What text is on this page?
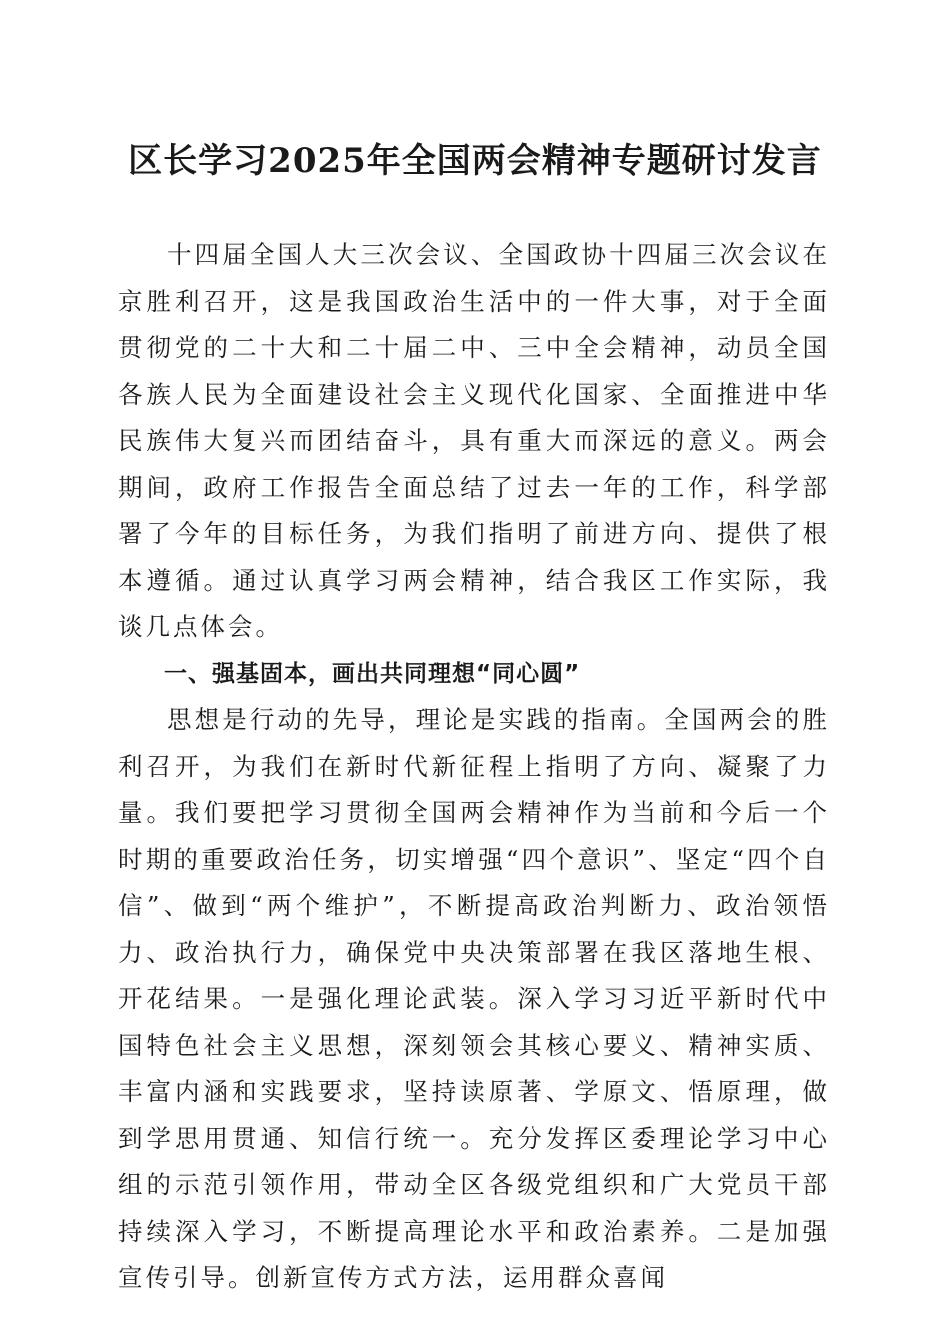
区长学习2025年全国两会精神专题研讨发言

十四届全国人大三次会议、全国政协十四届三次会议在京胜利召开，这是我国政治生活中的一件大事，对于全面贯彻党的二十大和二十届二中、三中全会精神，动员全国各族人民为全面建设社会主义现代化国家、全面推进中华民族伟大复兴而团结奋斗，具有重大而深远的意义。两会期间，政府工作报告全面总结了过去一年的工作，科学部署了今年的目标任务，为我们指明了前进方向、提供了根本遵循。通过认真学习两会精神，结合我区工作实际，我谈几点体会。

一、强基固本，画出共同理想“同心圆”

思想是行动的先导，理论是实践的指南。全国两会的胜利召开，为我们在新时代新征程上指明了方向、凝聚了力量。我们要把学习贯彻全国两会精神作为当前和今后一个时期的重要政治任务，切实增强“四个意识”、坚定“四个自信”、做到“两个维护”，不断提高政治判断力、政治领悟力、政治执行力，确保党中央决策部署在我区落地生根、开花结果。一是强化理论武装。深入学习习近平新时代中国特色社会主义思想，深刻领会其核心要义、精神实质、丰富内涵和实践要求，坚持读原著、学原文、悟原理，做到学思用贯通、知信行统一。充分发挥区委理论学习中心组的示范引领作用，带动全区各级党组织和广大党员干部持续深入学习，不断提高理论水平和政治素养。二是加强宣传引导。创新宣传方式方法，运用群众喜闻
